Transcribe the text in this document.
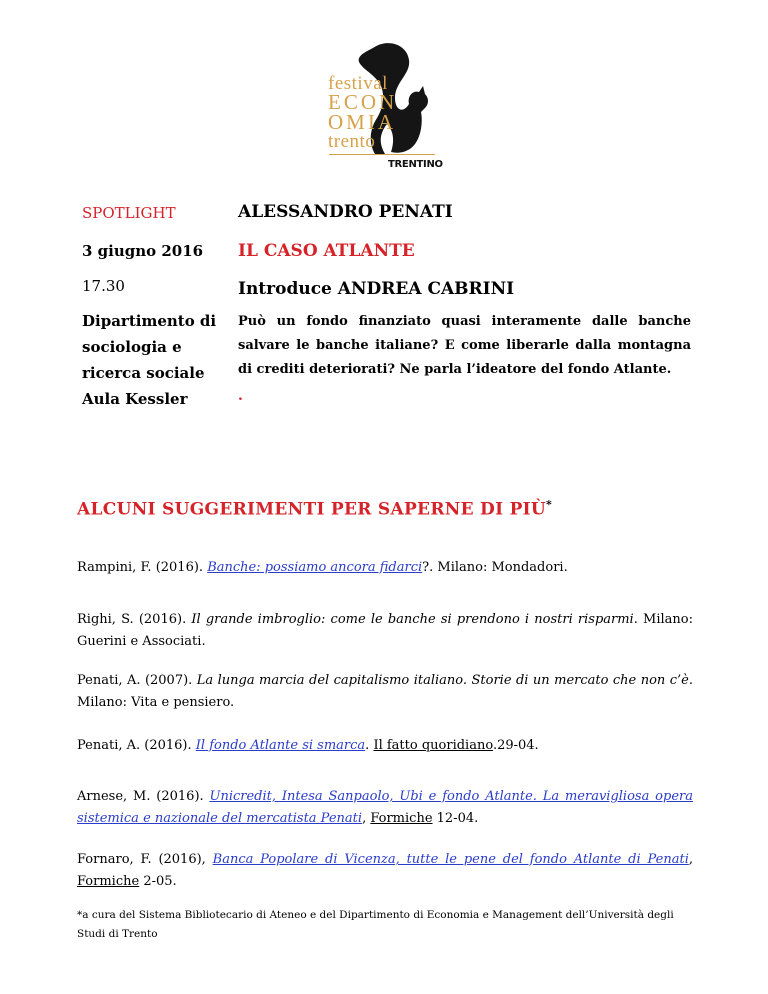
festival
ECON
OMIA
trento
TRENTINO
SPOTLIGHT	ALESSANDRO PENATI
3 giugno 2016 IL CASO ATLANTE
17.30	Introduce ANDREA CABRINI
Dipartimento di
sociologia e
ricerca sociale
Aula Kessler
Può un fondo finanziato quasi interamente dalle banche salvare le banche italiane? E come liberarle dalla montagna di crediti deteriorati? Ne parla l’ideatore del fondo Atlante.
.
ALCUNI SUGGERIMENTI PER SAPERNE DI PIÙ*
Rampini, F. (2016). Banche: possiamo ancora fidarci?. Milano: Mondadori.
Righi, S. (2016). Il grande imbroglio: come le banche si prendono i nostri risparmi. Milano: Guerini e Associati.
Penati, A. (2007). La lunga marcia del capitalismo italiano. Storie di un mercato che non c’è. Milano: Vita e pensiero.
Penati, A. (2016). Il fondo Atlante si smarca. Il fatto quoridiano.29-04.
Arnese, M. (2016). Unicredit, Intesa Sanpaolo, Ubi e fondo Atlante. La meravigliosa opera sistemica e nazionale del mercatista Penati, Formiche 12-04.
Fornaro, F. (2016), Banca Popolare di Vicenza, tutte le pene del fondo Atlante di Penati, Formiche 2-05.
*a cura del Sistema Bibliotecario di Ateneo e del Dipartimento di Economia e Management dell’Università degli Studi di Trento
